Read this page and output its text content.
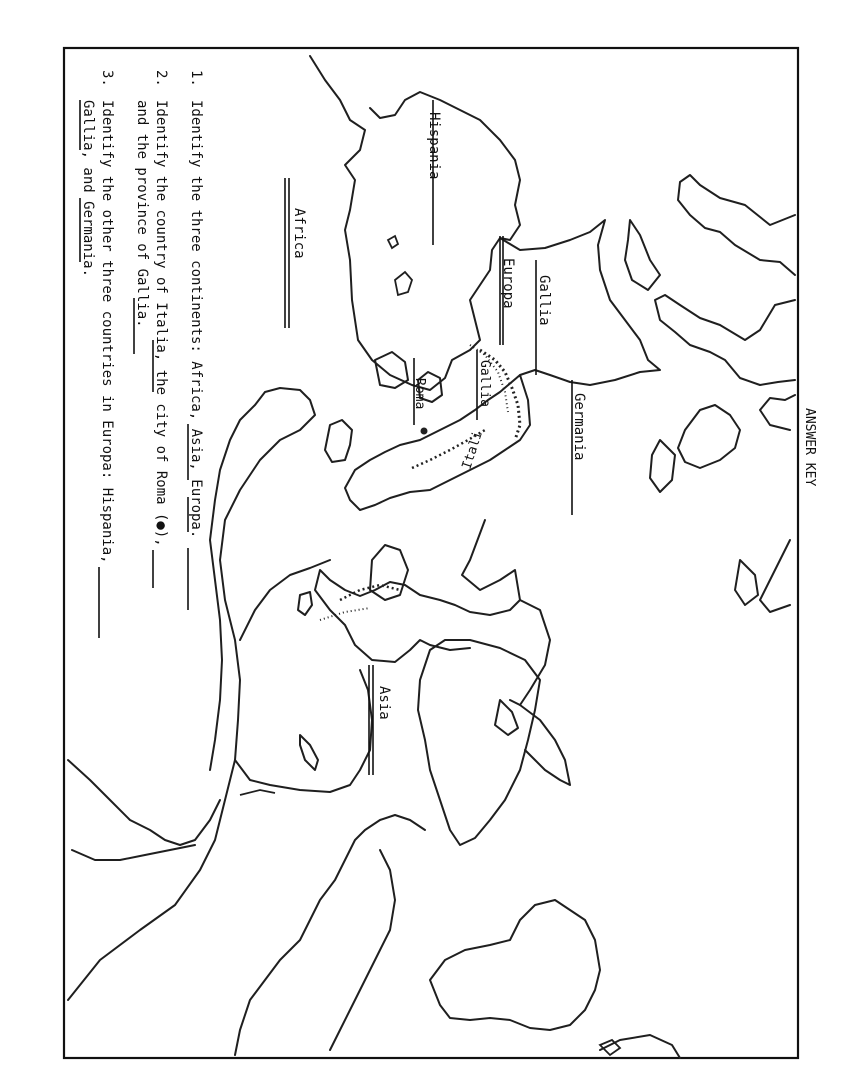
Hispania
Europa Gallia
Germania
Gallia
Roma
Itali
Africa
Asia
ANSWER KEY
1.
Identify the three continents: Africa, Asia, Europa.
2.
Identify the country of Italia, the city of Roma (●),
and the province of Gallia.
3.
Identify the other three countries in Europa: Hispania,
Gallia, and Germania.
